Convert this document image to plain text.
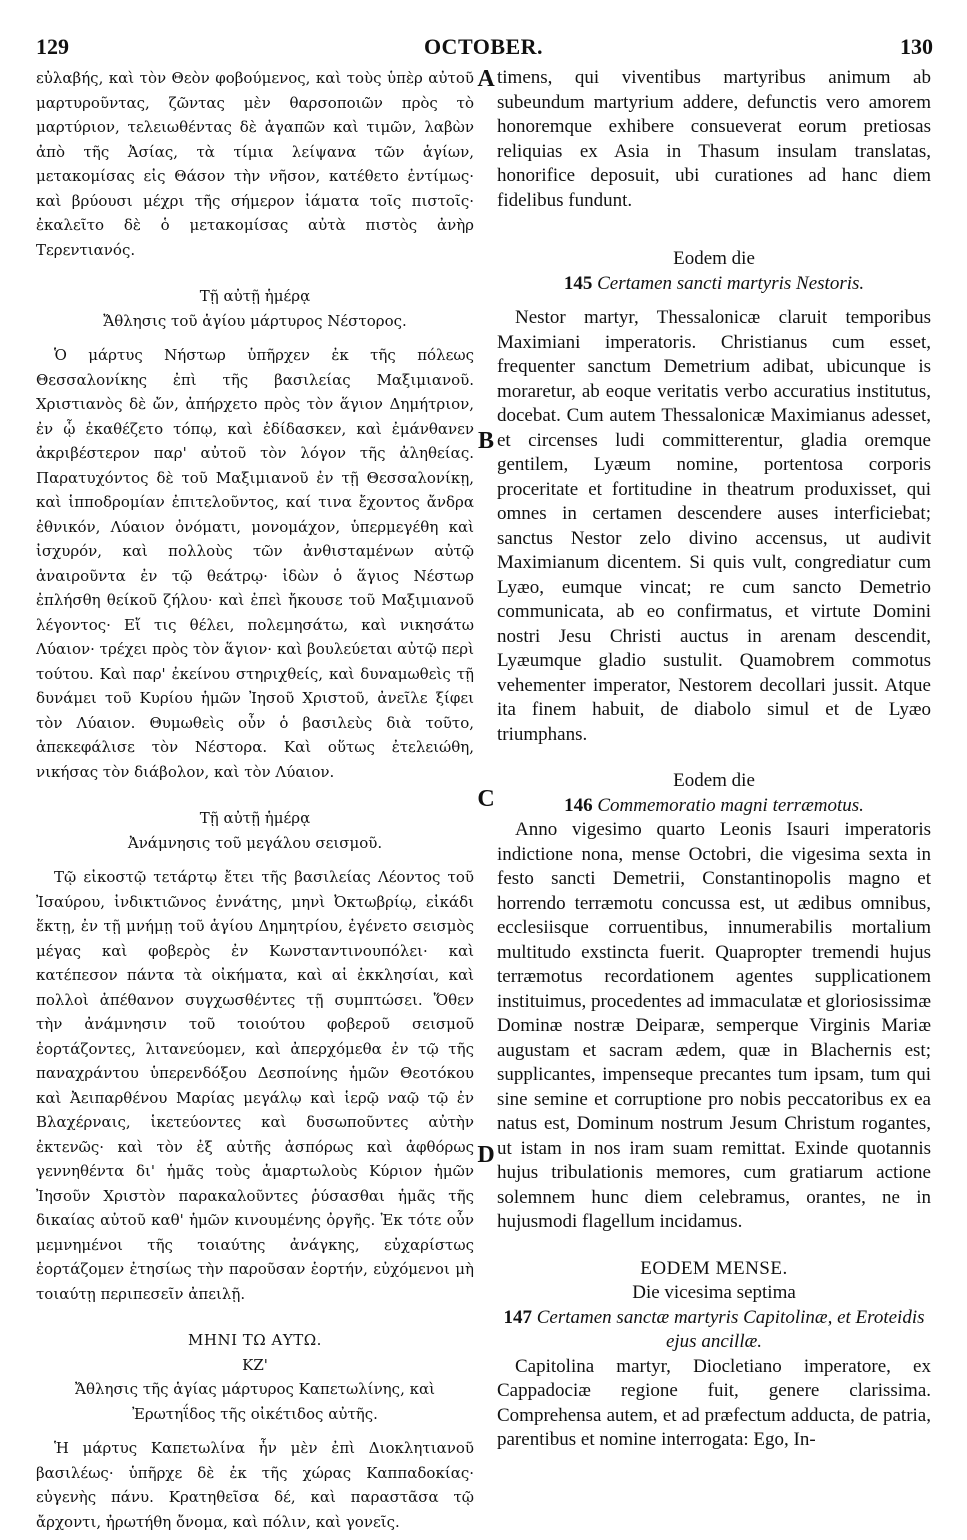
129	OCTOBER.	130
A
B
C
D

εὐλαβής, καὶ τὸν Θεὸν φοβούμενος, καὶ τοὺς ὑπὲρ αὐτοῦ μαρτυροῦντας, ζῶντας μὲν θαρσοποιῶν πρὸς τὸ μαρτύριον, τελειωθέντας δὲ ἀγαπῶν καὶ τιμῶν, λαβὼν ἀπὸ τῆς Ἀσίας, τὰ τίμια λείψανα τῶν ἁγίων, μετακομίσας εἰς Θάσον τὴν νῆσον, κατέθετο ἐντίμως· καὶ βρύουσι μέχρι τῆς σήμερον ἰάματα τοῖς πιστοῖς· ἐκαλεῖτο δὲ ὁ μετακομίσας αὐτὰ πιστὸς ἀνὴρ Τερεντιανός.

Τῇ αὐτῇ ἡμέρᾳ

Ἄθλησις τοῦ ἁγίου μάρτυρος Νέστορος.

Ὁ μάρτυς Νήστωρ ὑπῆρχεν ἐκ τῆς πόλεως Θεσσαλονίκης ἐπὶ τῆς βασιλείας Μαξιμιανοῦ. Χριστιανὸς δὲ ὤν, ἀπήρχετο πρὸς τὸν ἅγιον Δημήτριον, ἐν ᾧ ἐκαθέζετο τόπῳ, καὶ ἐδίδασκεν, καὶ ἐμάνθανεν ἀκριβέστερον παρ' αὐτοῦ τὸν λόγον τῆς ἀληθείας. Παρατυχόντος δὲ τοῦ Μαξιμιανοῦ ἐν τῇ Θεσσαλονίκῃ, καὶ ἱπποδρομίαν ἐπιτελοῦντος, καί τινα ἔχοντος ἄνδρα ἐθνικόν, Λύαιον ὀνόματι, μονομάχον, ὑπερμεγέθη καὶ ἰσχυρόν, καὶ πολλοὺς τῶν ἀνθισταμένων αὐτῷ ἀναιροῦντα ἐν τῷ θεάτρῳ· ἰδὼν ὁ ἅγιος Νέστωρ ἐπλήσθη θείκοῦ ζήλου· καὶ ἐπεὶ ἤκουσε τοῦ Μαξιμιανοῦ λέγοντος· Εἴ τις θέλει, πολεμησάτω, καὶ νικησάτω Λύαιον· τρέχει πρὸς τὸν ἅγιον· καὶ βουλεύεται αὐτῷ περὶ τούτου. Καὶ παρ' ἐκείνου στηριχθείς, καὶ δυναμωθεὶς τῇ δυνάμει τοῦ Κυρίου ἡμῶν Ἰησοῦ Χριστοῦ, ἀνεῖλε ξίφει τὸν Λύαιον. Θυμωθεὶς οὖν ὁ βασιλεὺς διὰ τοῦτο, ἀπεκεφάλισε τὸν Νέστορα. Καὶ οὕτως ἐτελειώθη, νικήσας τὸν διάβολον, καὶ τὸν Λύαιον.

Τῇ αὐτῇ ἡμέρᾳ

Ἀνάμνησις τοῦ μεγάλου σεισμοῦ.

Τῷ εἰκοστῷ τετάρτῳ ἔτει τῆς βασιλείας Λέοντος τοῦ Ἰσαύρου, ἰνδικτιῶνος ἐννάτης, μηνὶ Ὀκτωβρίῳ, εἰκάδι ἕκτῃ, ἐν τῇ μνήμῃ τοῦ ἁγίου Δημητρίου, ἐγένετο σεισμὸς μέγας καὶ φοβερὸς ἐν Κωνσταντινουπόλει· καὶ κατέπεσον πάντα τὰ οἰκήματα, καὶ αἱ ἐκκλησίαι, καὶ πολλοὶ ἀπέθανον συγχωσθέντες τῇ συμπτώσει. Ὅθεν τὴν ἀνάμνησιν τοῦ τοιούτου φοβεροῦ σεισμοῦ ἑορτάζοντες, λιτανεύομεν, καὶ ἀπερχόμεθα ἐν τῷ τῆς παναχράντου ὑπερενδόξου Δεσποίνης ἡμῶν Θεοτόκου καὶ Ἀειπαρθένου Μαρίας μεγάλῳ καὶ ἱερῷ ναῷ τῷ ἐν Βλαχέρναις, ἱκετεύοντες καὶ δυσωποῦντες αὐτὴν ἐκτενῶς· καὶ τὸν ἐξ αὐτῆς ἀσπόρως καὶ ἀφθόρως γεννηθέντα δι' ἡμᾶς τοὺς ἁμαρτωλοὺς Κύριον ἡμῶν Ἰησοῦν Χριστὸν παρακαλοῦντες ῥύσασθαι ἡμᾶς τῆς δικαίας αὐτοῦ καθ' ἡμῶν κινουμένης ὀργῆς. Ἐκ τότε οὖν μεμνημένοι τῆς τοιαύτης ἀνάγκης, εὐχαρίστως ἑορτάζομεν ἐτησίως τὴν παροῦσαν ἑορτήν, εὐχόμενοι μὴ τοιαύτῃ περιπεσεῖν ἀπειλῇ.

ΜΗΝΙ ΤΩ ΑΥΤΩ.

ΚΖ'

Ἄθλησις τῆς ἁγίας μάρτυρος Καπετωλίνης, καὶ Ἐρωτηΐδος τῆς οἰκέτιδος αὐτῆς.

Ἡ μάρτυς Καπετωλίνα ἦν μὲν ἐπὶ Διοκλητιανοῦ βασιλέως· ὑπῆρχε δὲ ἐκ τῆς χώρας Καππαδοκίας· εὐγενὴς πάνυ. Κρατηθεῖσα δέ, καὶ παραστᾶσα τῷ ἄρχοντι, ἠρωτήθη ὄνομα, καὶ πόλιν, καὶ γονεῖς.

timens, qui viventibus martyribus animum ab subeundum martyrium addere, defunctis vero amorem honoremque exhibere consueverat eorum pretiosas reliquias ex Asia in Thasum insulam translatas, honorifice deposuit, ubi curationes ad hanc diem fidelibus fundunt.

Eodem die

145 Certamen sancti martyris Nestoris.

Nestor martyr, Thessalonicæ claruit temporibus Maximiani imperatoris. Christianus cum esset, frequenter sanctum Demetrium adibat, ubicunque is moraretur, ab eoque veritatis verbo accuratius institutus, docebat. Cum autem Thessalonicæ Maximianus adesset, et circenses ludi committerentur, gladia oremque gentilem, Lyæum nomine, portentosa corporis proceritate et fortitudine in theatrum produxisset, qui omnes in certamen descendere auses interficiebat; sanctus Nestor zelo divino accensus, ut audivit Maximianum dicentem. Si quis vult, congrediatur cum Lyæo, eumque vincat; re cum sancto Demetrio communicata, ab eo confirmatus, et virtute Domini nostri Jesu Christi auctus in arenam descendit, Lyæumque gladio sustulit. Quamobrem commotus vehementer imperator, Nestorem decollari jussit. Atque ita finem habuit, de diabolo simul et de Lyæo triumphans.

Eodem die

146 Commemoratio magni terræmotus.

Anno vigesimo quarto Leonis Isauri imperatoris indictione nona, mense Octobri, die vigesima sexta in festo sancti Demetrii, Constantinopolis magno et horrendo terræmotu concussa est, ut ædibus omnibus, ecclesiisque corruentibus, innumerabilis mortalium multitudo exstincta fuerit. Quapropter tremendi hujus terræmotus recordationem agentes supplicationem instituimus, procedentes ad immaculatæ et gloriosissimæ Dominæ nostræ Deiparæ, semperque Virginis Mariæ augustam et sacram ædem, quæ in Blachernis est; supplicantes, impenseque precantes tum ipsam, tum qui sine semine et corruptione pro nobis peccatoribus ex ea natus est, Dominum nostrum Jesum Christum rogantes, ut istam in nos iram suam remittat. Exinde quotannis hujus tribulationis memores, cum gratiarum actione solemnem hunc diem celebramus, orantes, ne in hujusmodi flagellum incidamus.

EODEM MENSE.

Die vicesima septima

147 Certamen sanctæ martyris Capitolinæ, et Eroteidis ejus ancillæ.

Capitolina martyr, Diocletiano imperatore, ex Cappadociæ regione fuit, genere clarissima. Comprehensa autem, et ad præfectum adducta, de patria, parentibus et nomine interrogata: Ego, In-
